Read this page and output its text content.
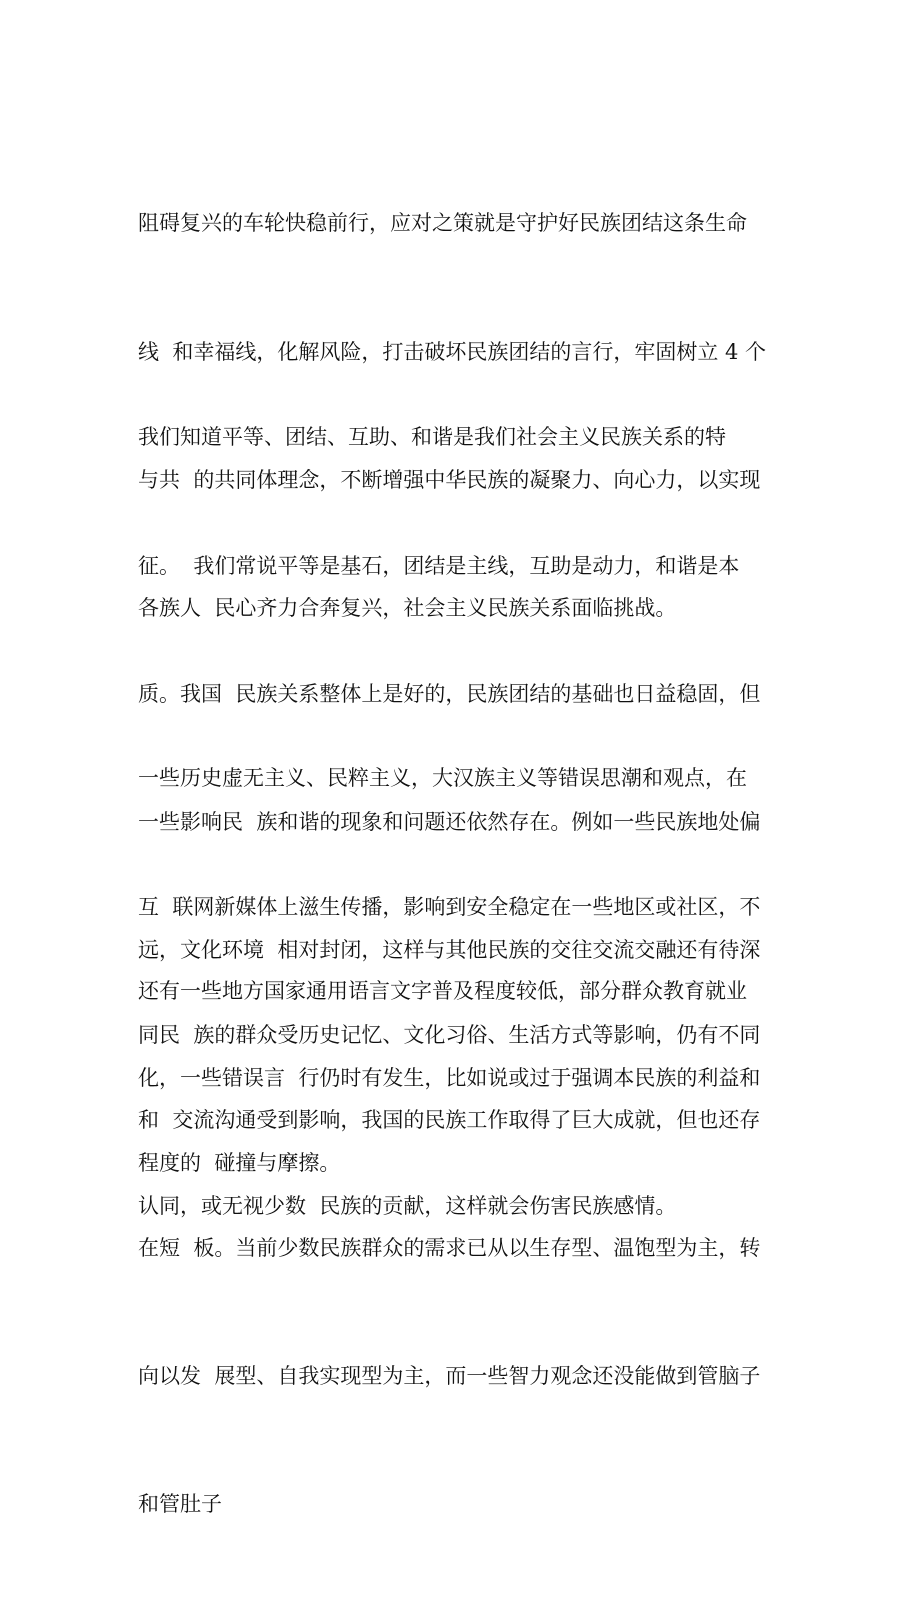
阻碍复兴的车轮快稳前行，应对之策就是守护好民族团结这条生命

线  和幸福线，化解风险，打击破坏民族团结的言行，牢固树立 4 个

与共  的共同体理念，不断增强中华民族的凝聚力、向心力，以实现

各族人  民心齐力合奔复兴，社会主义民族关系面临挑战。

我们知道平等、团结、互助、和谐是我们社会主义民族关系的特

征。  我们常说平等是基石，团结是主线，互助是动力，和谐是本

质。我国  民族关系整体上是好的，民族团结的基础也日益稳固，但

一些影响民  族和谐的现象和问题还依然存在。例如一些民族地处偏

远，文化环境  相对封闭，这样与其他民族的交往交流交融还有待深

化，一些错误言  行仍时有发生，比如说或过于强调本民族的利益和

认同，或无视少数  民族的贡献，这样就会伤害民族感情。

一些历史虚无主义、民粹主义，大汉族主义等错误思潮和观点，在

互  联网新媒体上滋生传播，影响到安全稳定在一些地区或社区，不

同民  族的群众受历史记忆、文化习俗、生活方式等影响，仍有不同

程度的  碰撞与摩擦。

还有一些地方国家通用语言文字普及程度较低，部分群众教育就业

和  交流沟通受到影响，我国的民族工作取得了巨大成就，但也还存

在短  板。当前少数民族群众的需求已从以生存型、温饱型为主，转

向以发  展型、自我实现型为主，而一些智力观念还没能做到管脑子

和管肚子
